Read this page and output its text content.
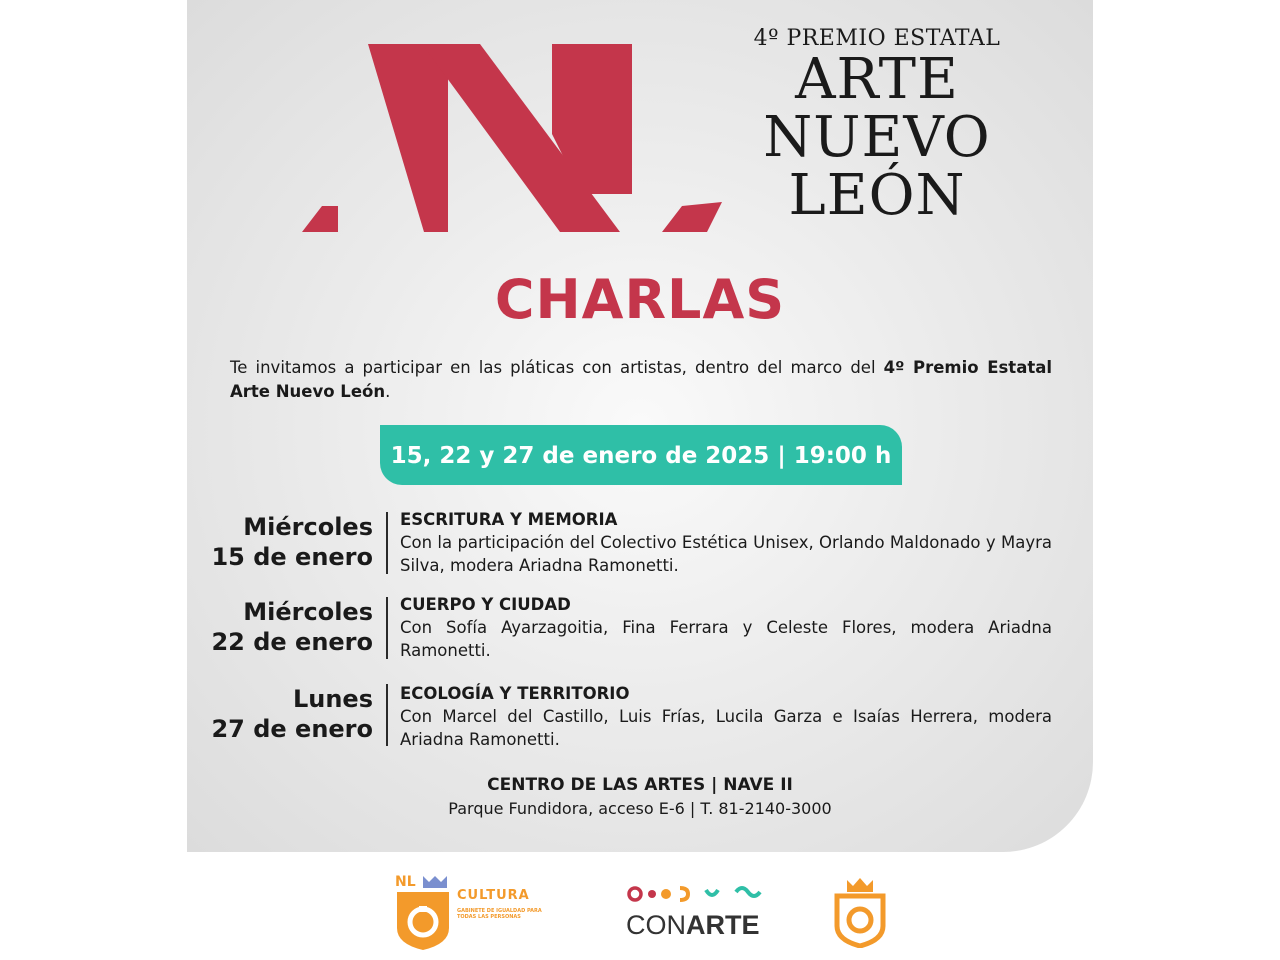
4º PREMIO ESTATAL
ARTE
NUEVO
LEÓN
CHARLAS

Te invitamos a participar en las pláticas con artistas, dentro del marco del 4º Premio Estatal Arte Nuevo León.

15, 22 y 27 de enero de 2025 | 19:00 h
Miércoles
15 de enero
ESCRITURA Y MEMORIA
Con la participación del Colectivo Estética Unisex, Orlando Maldonado y Mayra Silva, modera Ariadna Ramonetti.
Miércoles
22 de enero
CUERPO Y CIUDAD
Con Sofía Ayarzagoitia, Fina Ferrara y Celeste Flores, modera Ariadna Ramonetti.
Lunes
27 de enero
ECOLOGÍA Y TERRITORIO
Con Marcel del Castillo, Luis Frías, Lucila Garza e Isaías Herrera, modera Ariadna Ramonetti.
CENTRO DE LAS ARTES | NAVE II
Parque Fundidora, acceso E-6 | T. 81-2140-3000
NL
CULTURA
GABINETE DE IGUALDAD PARA TODAS LAS PERSONAS	CONARTE
